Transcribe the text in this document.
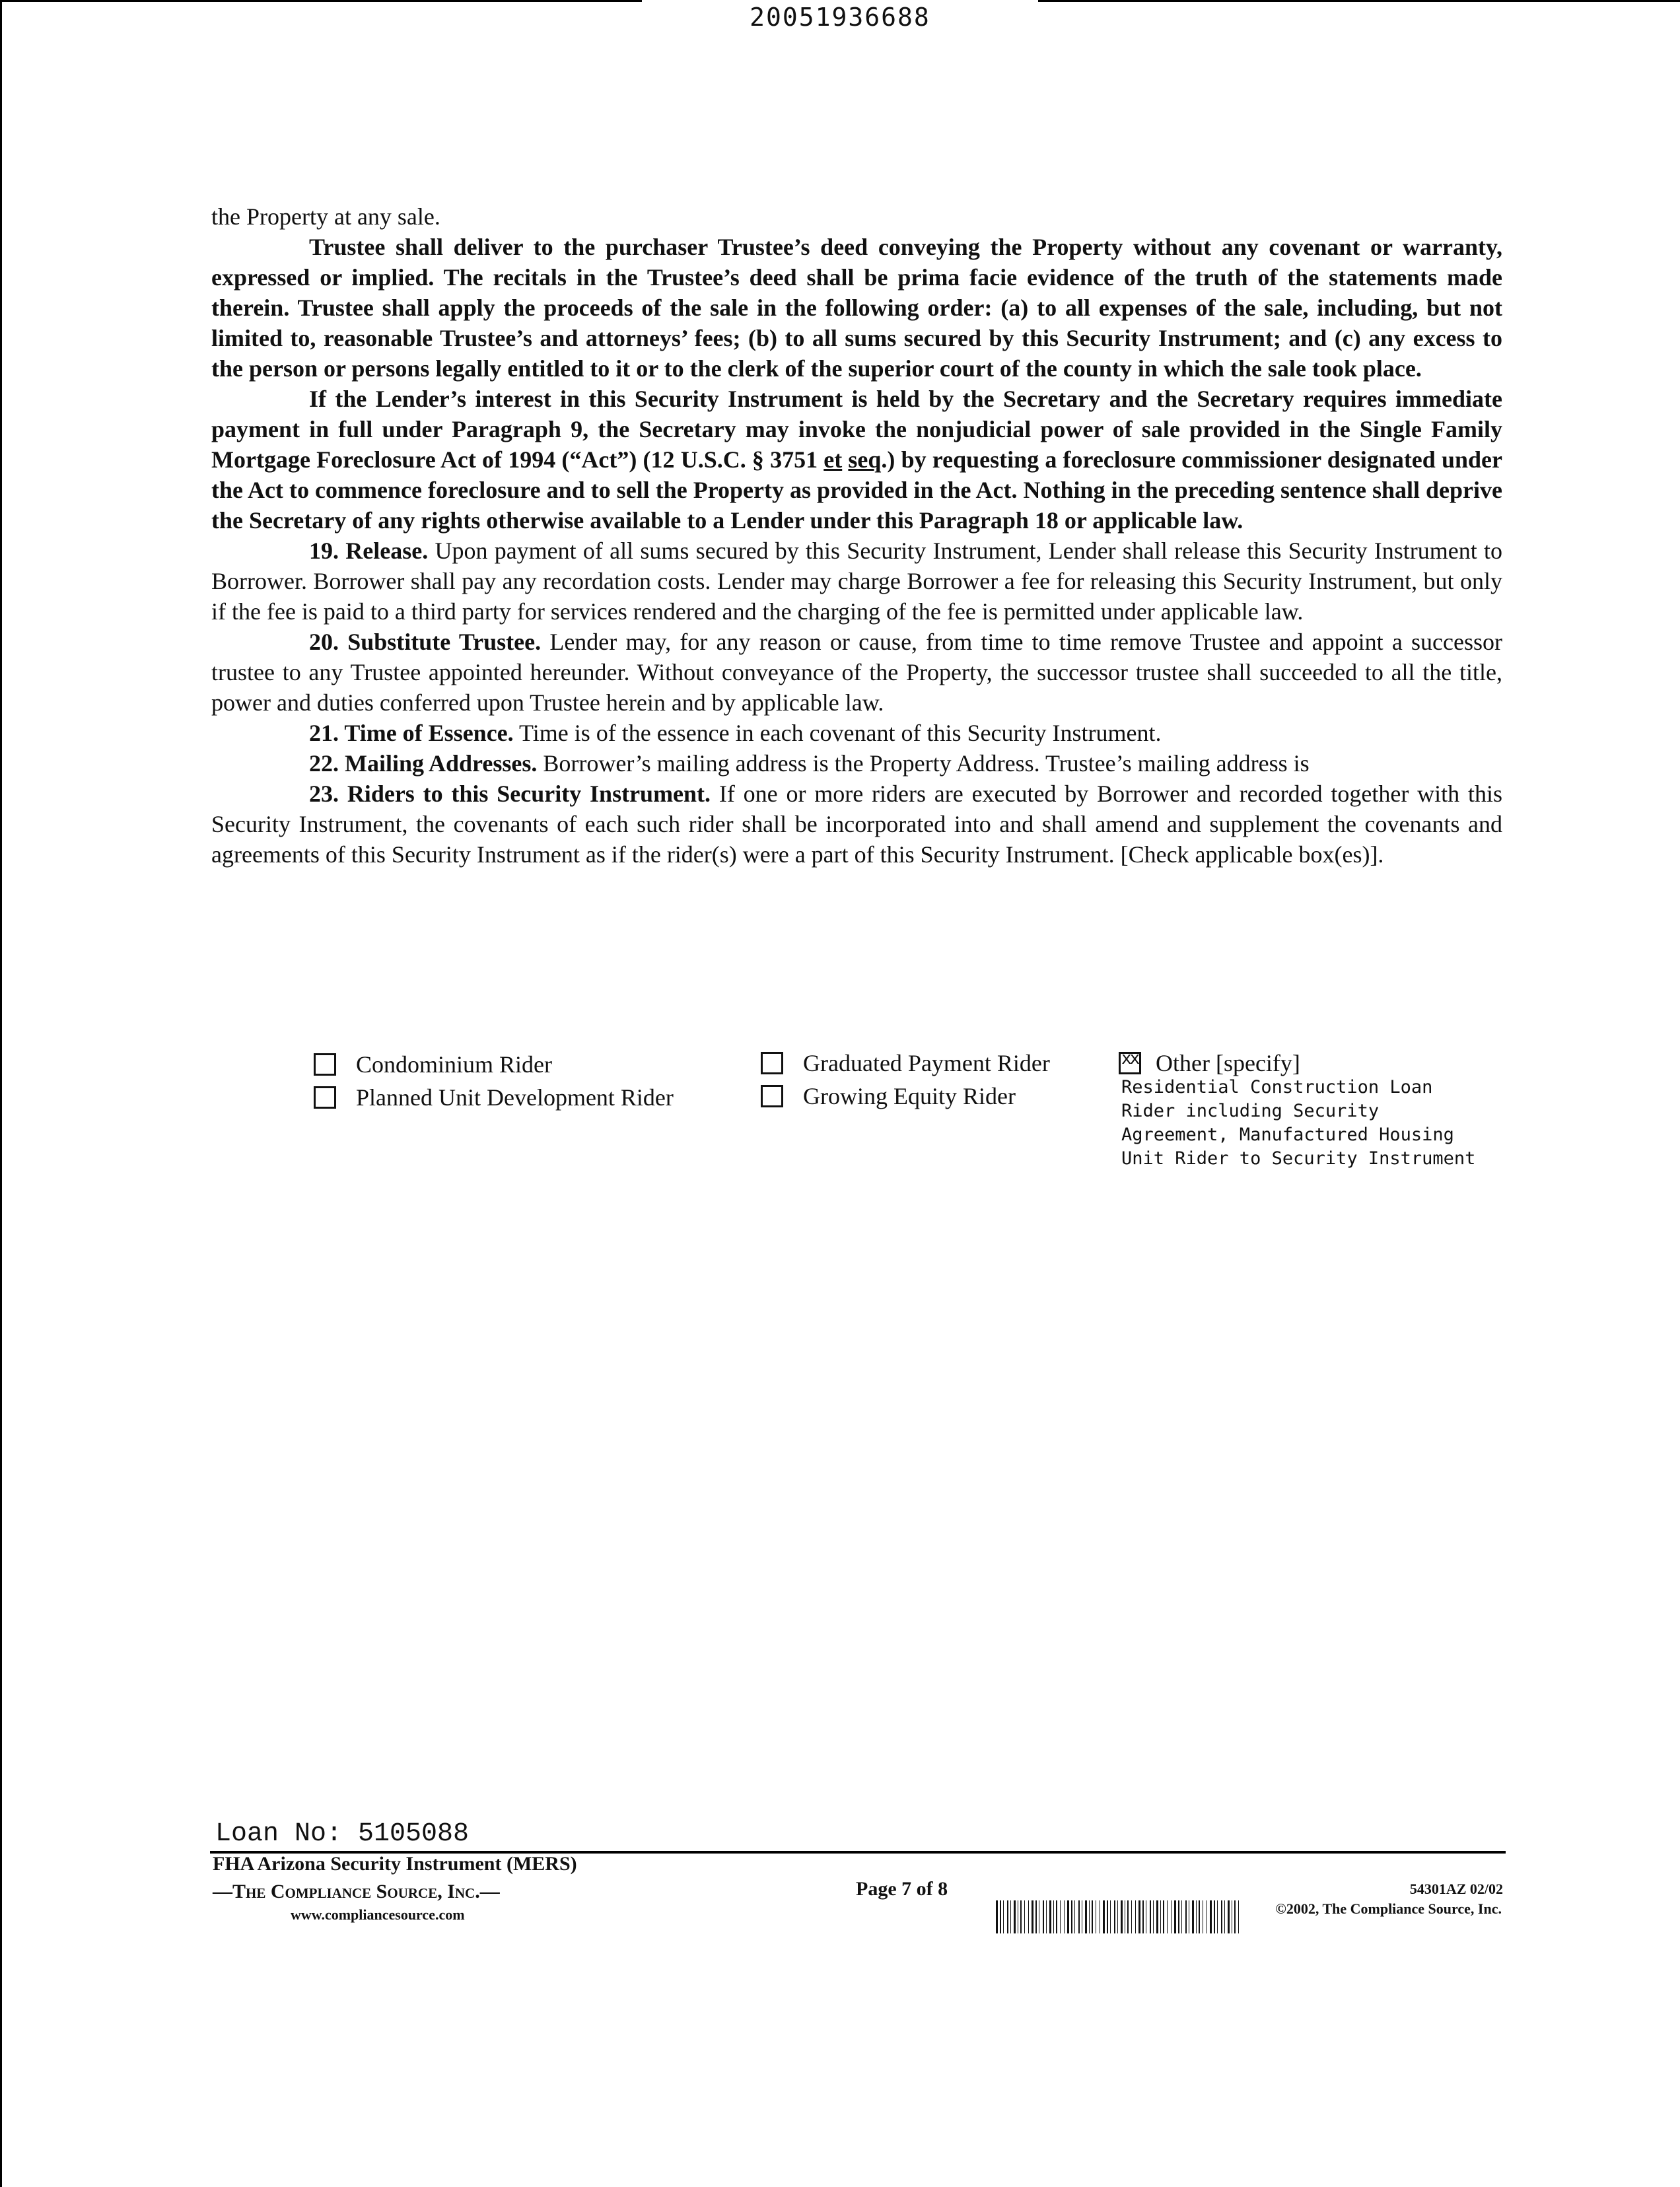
20051936688

the Property at any sale.

Trustee shall deliver to the purchaser Trustee’s deed conveying the Property without any covenant or warranty, expressed or implied. The recitals in the Trustee’s deed shall be prima facie evidence of the truth of the statements made therein. Trustee shall apply the proceeds of the sale in the following order: (a) to all expenses of the sale, including, but not limited to, reasonable Trustee’s and attorneys’ fees; (b) to all sums secured by this Security Instrument; and (c) any excess to the person or persons legally entitled to it or to the clerk of the superior court of the county in which the sale took place.

If the Lender’s interest in this Security Instrument is held by the Secretary and the Secretary requires immediate payment in full under Paragraph 9, the Secretary may invoke the nonjudicial power of sale provided in the Single Family Mortgage Foreclosure Act of 1994 (“Act”) (12 U.S.C. § 3751 et seq.) by requesting a foreclosure commissioner designated under the Act to commence foreclosure and to sell the Property as provided in the Act. Nothing in the preceding sentence shall deprive the Secretary of any rights otherwise available to a Lender under this Paragraph 18 or applicable law.

19. Release. Upon payment of all sums secured by this Security Instrument, Lender shall release this Security Instrument to Borrower. Borrower shall pay any recordation costs. Lender may charge Borrower a fee for releasing this Security Instrument, but only if the fee is paid to a third party for services rendered and the charging of the fee is permitted under applicable law.

20. Substitute Trustee. Lender may, for any reason or cause, from time to time remove Trustee and appoint a successor trustee to any Trustee appointed hereunder. Without conveyance of the Property, the successor trustee shall succeeded to all the title, power and duties conferred upon Trustee herein and by applicable law.

21. Time of Essence. Time is of the essence in each covenant of this Security Instrument.

22. Mailing Addresses. Borrower’s mailing address is the Property Address. Trustee’s mailing address is

23. Riders to this Security Instrument. If one or more riders are executed by Borrower and recorded together with this Security Instrument, the covenants of each such rider shall be incorporated into and shall amend and supplement the covenants and agreements of this Security Instrument as if the rider(s) were a part of this Security Instrument. [Check applicable box(es)].

Condominium Rider
Planned Unit Development Rider
Graduated Payment Rider
Growing Equity Rider
xx
Other [specify]
Residential Construction Loan
Rider including Security
Agreement, Manufactured Housing
Unit Rider to Security Instrument
Loan No: 5105088
FHA Arizona Security Instrument (MERS)
—The Compliance Source, Inc.—
www.compliancesource.com
Page 7 of 8	54301AZ 02/02
©2002, The Compliance Source, Inc.
